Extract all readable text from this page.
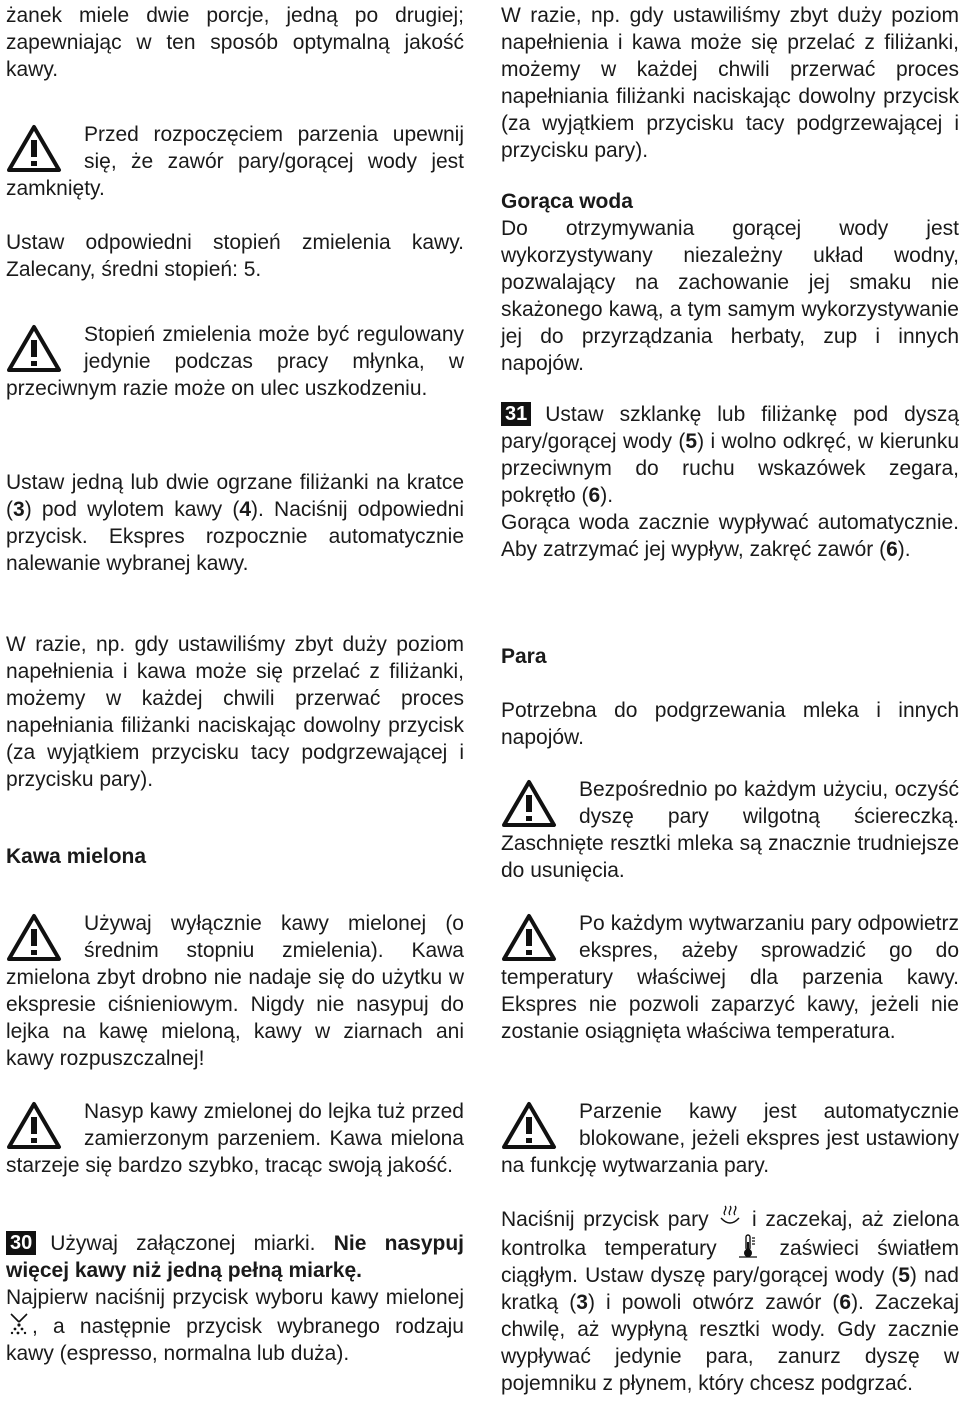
żanek miele dwie porcje, jedną po drugiej; zapewniając w ten sposób optymalną jakość kawy.

Przed rozpoczęciem parzenia upewnij się, że zawór pary/gorącej wody jest zamknięty.

Ustaw odpowiedni stopień zmielenia kawy. Zalecany, średni stopień: 5.

Stopień zmielenia może być regulowany jedynie podczas pracy młynka, w przeciwnym razie może on ulec uszkodzeniu.

Ustaw jedną lub dwie ogrzane filiżanki na kratce (3) pod wylotem kawy (4). Naciśnij odpowiedni przycisk. Ekspres rozpocznie automatycznie nalewanie wybranej kawy.

W razie, np. gdy ustawiliśmy zbyt duży poziom napełnienia i kawa może się przelać z filiżanki, możemy w każdej chwili przerwać proces napełniania filiżanki naciskając dowolny przycisk (za wyjątkiem przycisku tacy podgrzewającej i przycisku pary).

Kawa mielona

Używaj wyłącznie kawy mielonej (o średnim stopniu zmielenia). Kawa zmielona zbyt drobno nie nadaje się do użytku w ekspresie ciśnieniowym. Nigdy nie nasypuj do lejka na kawę mieloną, kawy w ziarnach ani kawy rozpuszczalnej!

Nasyp kawy zmielonej do lejka tuż przed zamierzonym parzeniem. Kawa mielona starzeje się bardzo szybko, tracąc swoją jakość.

30 Używaj załączonej miarki. Nie nasypuj więcej kawy niż jedną pełną miarkę.
Najpierw naciśnij przycisk wyboru kawy mielonej , a następnie przycisk wybranego rodzaju kawy (espresso, normalna lub duża).

W razie, np. gdy ustawiliśmy zbyt duży poziom napełnienia i kawa może się przelać z filiżanki, możemy w każdej chwili przerwać proces napełniania filiżanki naciskając dowolny przycisk (za wyjątkiem przycisku tacy podgrzewającej i przycisku pary).

Gorąca woda

Do otrzymywania gorącej wody jest wykorzystywany niezależny układ wodny, pozwalający na zachowanie jej smaku nie skażonego kawą, a tym samym wykorzystywanie jej do przyrządzania herbaty, zup i innych napojów.

31 Ustaw szklankę lub filiżankę pod dyszą pary/gorącej wody (5) i wolno odkręć, w kierunku przeciwnym do ruchu wskazówek zegara, pokrętło (6).
Gorąca woda zacznie wypływać automatycznie. Aby zatrzymać jej wypływ, zakręć zawór (6).

Para

Potrzebna do podgrzewania mleka i innych napojów.

Bezpośrednio po każdym użyciu, oczyść dyszę pary wilgotną ściereczką. Zaschnięte resztki mleka są znacznie trudniejsze do usunięcia.

Po każdym wytwarzaniu pary odpowietrz ekspres, ażeby sprowadzić go do temperatury właściwej dla parzenia kawy. Ekspres nie pozwoli zaparzyć kawy, jeżeli nie zostanie osiągnięta właściwa temperatura.

Parzenie kawy jest automatycznie blokowane, jeżeli ekspres jest ustawiony na funkcję wytwarzania pary.

Naciśnij przycisk pary  i zaczekaj, aż zielona kontrolka temperatury  zaświeci światłem ciągłym. Ustaw dyszę pary/gorącej wody (5) nad kratką (3) i powoli otwórz zawór (6). Zaczekaj chwilę, aż wypłyną resztki wody. Gdy zacznie wypływać jedynie para, zanurz dyszę w pojemniku z płynem, który chcesz podgrzać.
